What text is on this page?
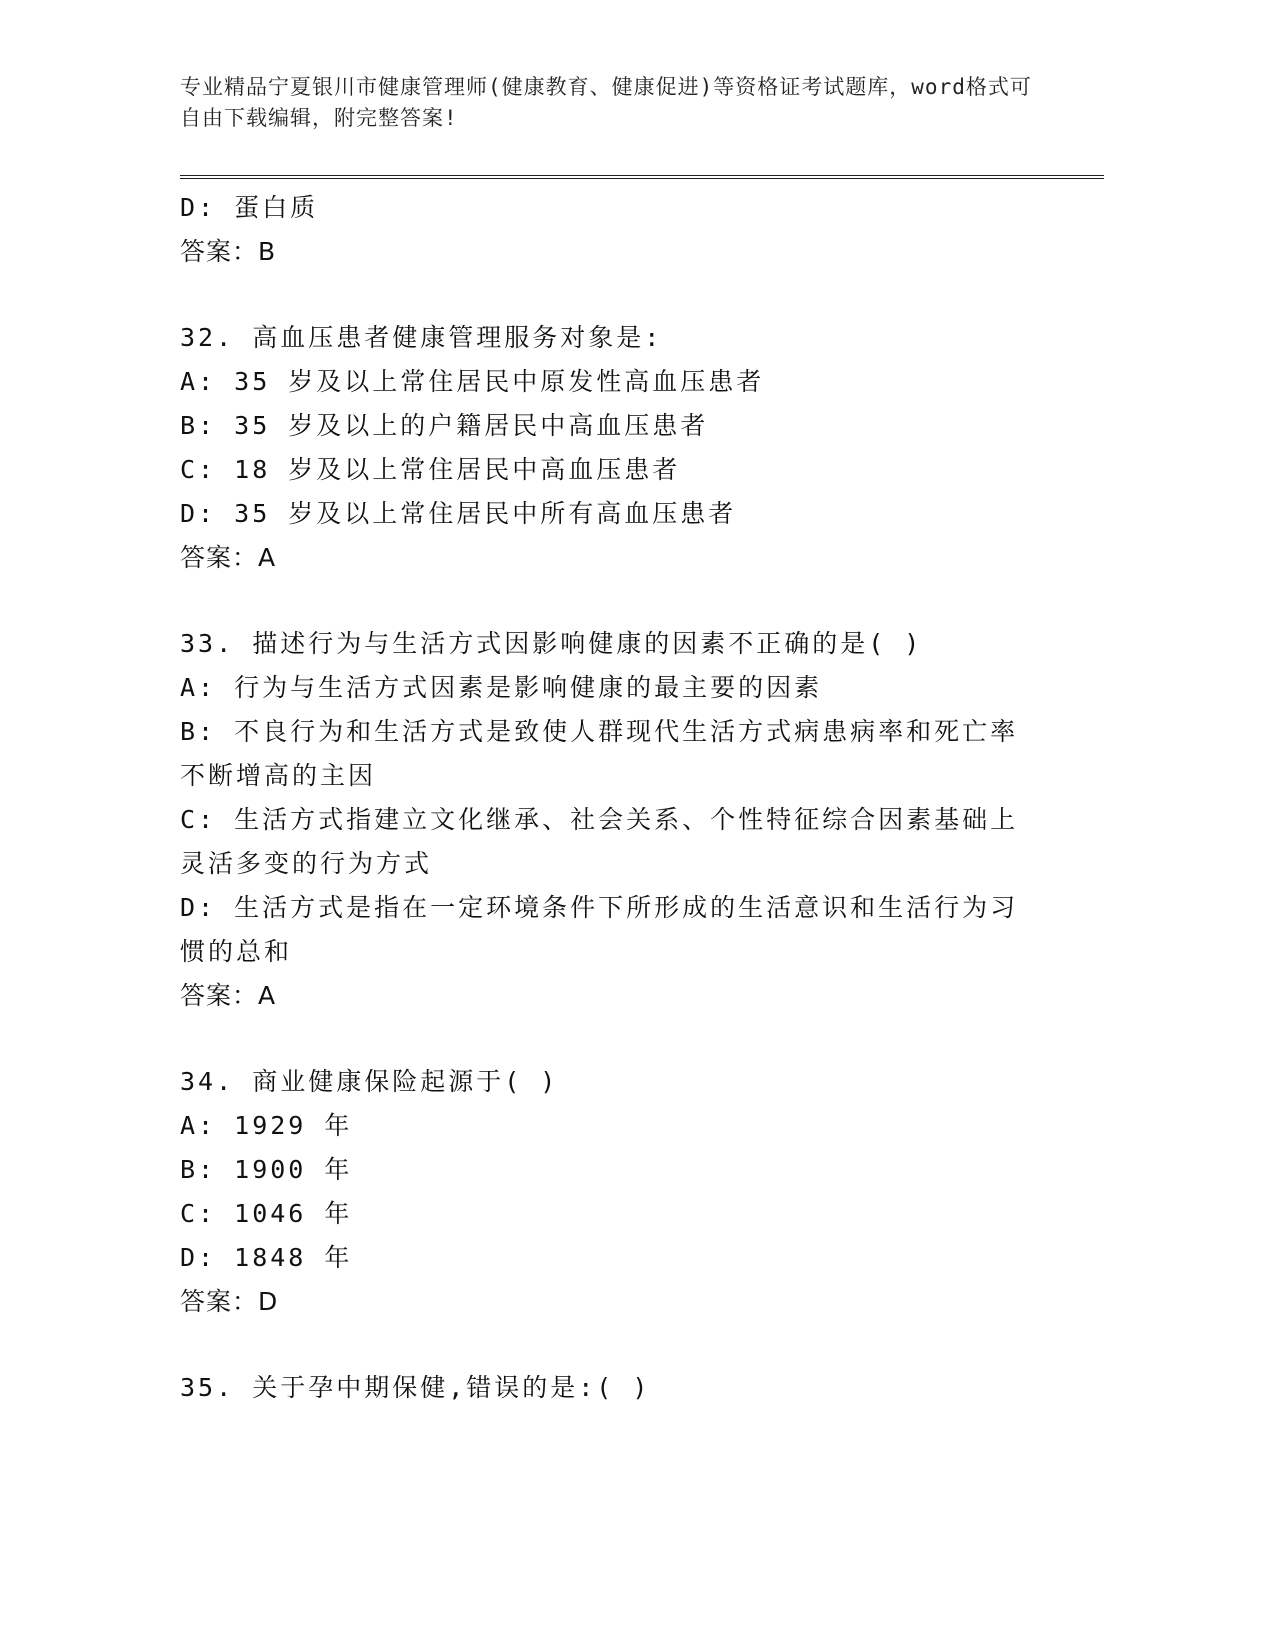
专业精品宁夏银川市健康管理师(健康教育、健康促进)等资格证考试题库，word格式可自由下载编辑，附完整答案!
D: 蛋白质
答案：B
32. 高血压患者健康管理服务对象是:
A: 35 岁及以上常住居民中原发性高血压患者
B: 35 岁及以上的户籍居民中高血压患者
C: 18 岁及以上常住居民中高血压患者
D: 35 岁及以上常住居民中所有高血压患者
答案：A
33. 描述行为与生活方式因影响健康的因素不正确的是( )
A: 行为与生活方式因素是影响健康的最主要的因素
B: 不良行为和生活方式是致使人群现代生活方式病患病率和死亡率不断增高的主因
C: 生活方式指建立文化继承、社会关系、个性特征综合因素基础上灵活多变的行为方式
D: 生活方式是指在一定环境条件下所形成的生活意识和生活行为习惯的总和
答案：A
34. 商业健康保险起源于( )
A: 1929 年
B: 1900 年
C: 1046 年
D: 1848 年
答案：D
35. 关于孕中期保健,错误的是:( )
